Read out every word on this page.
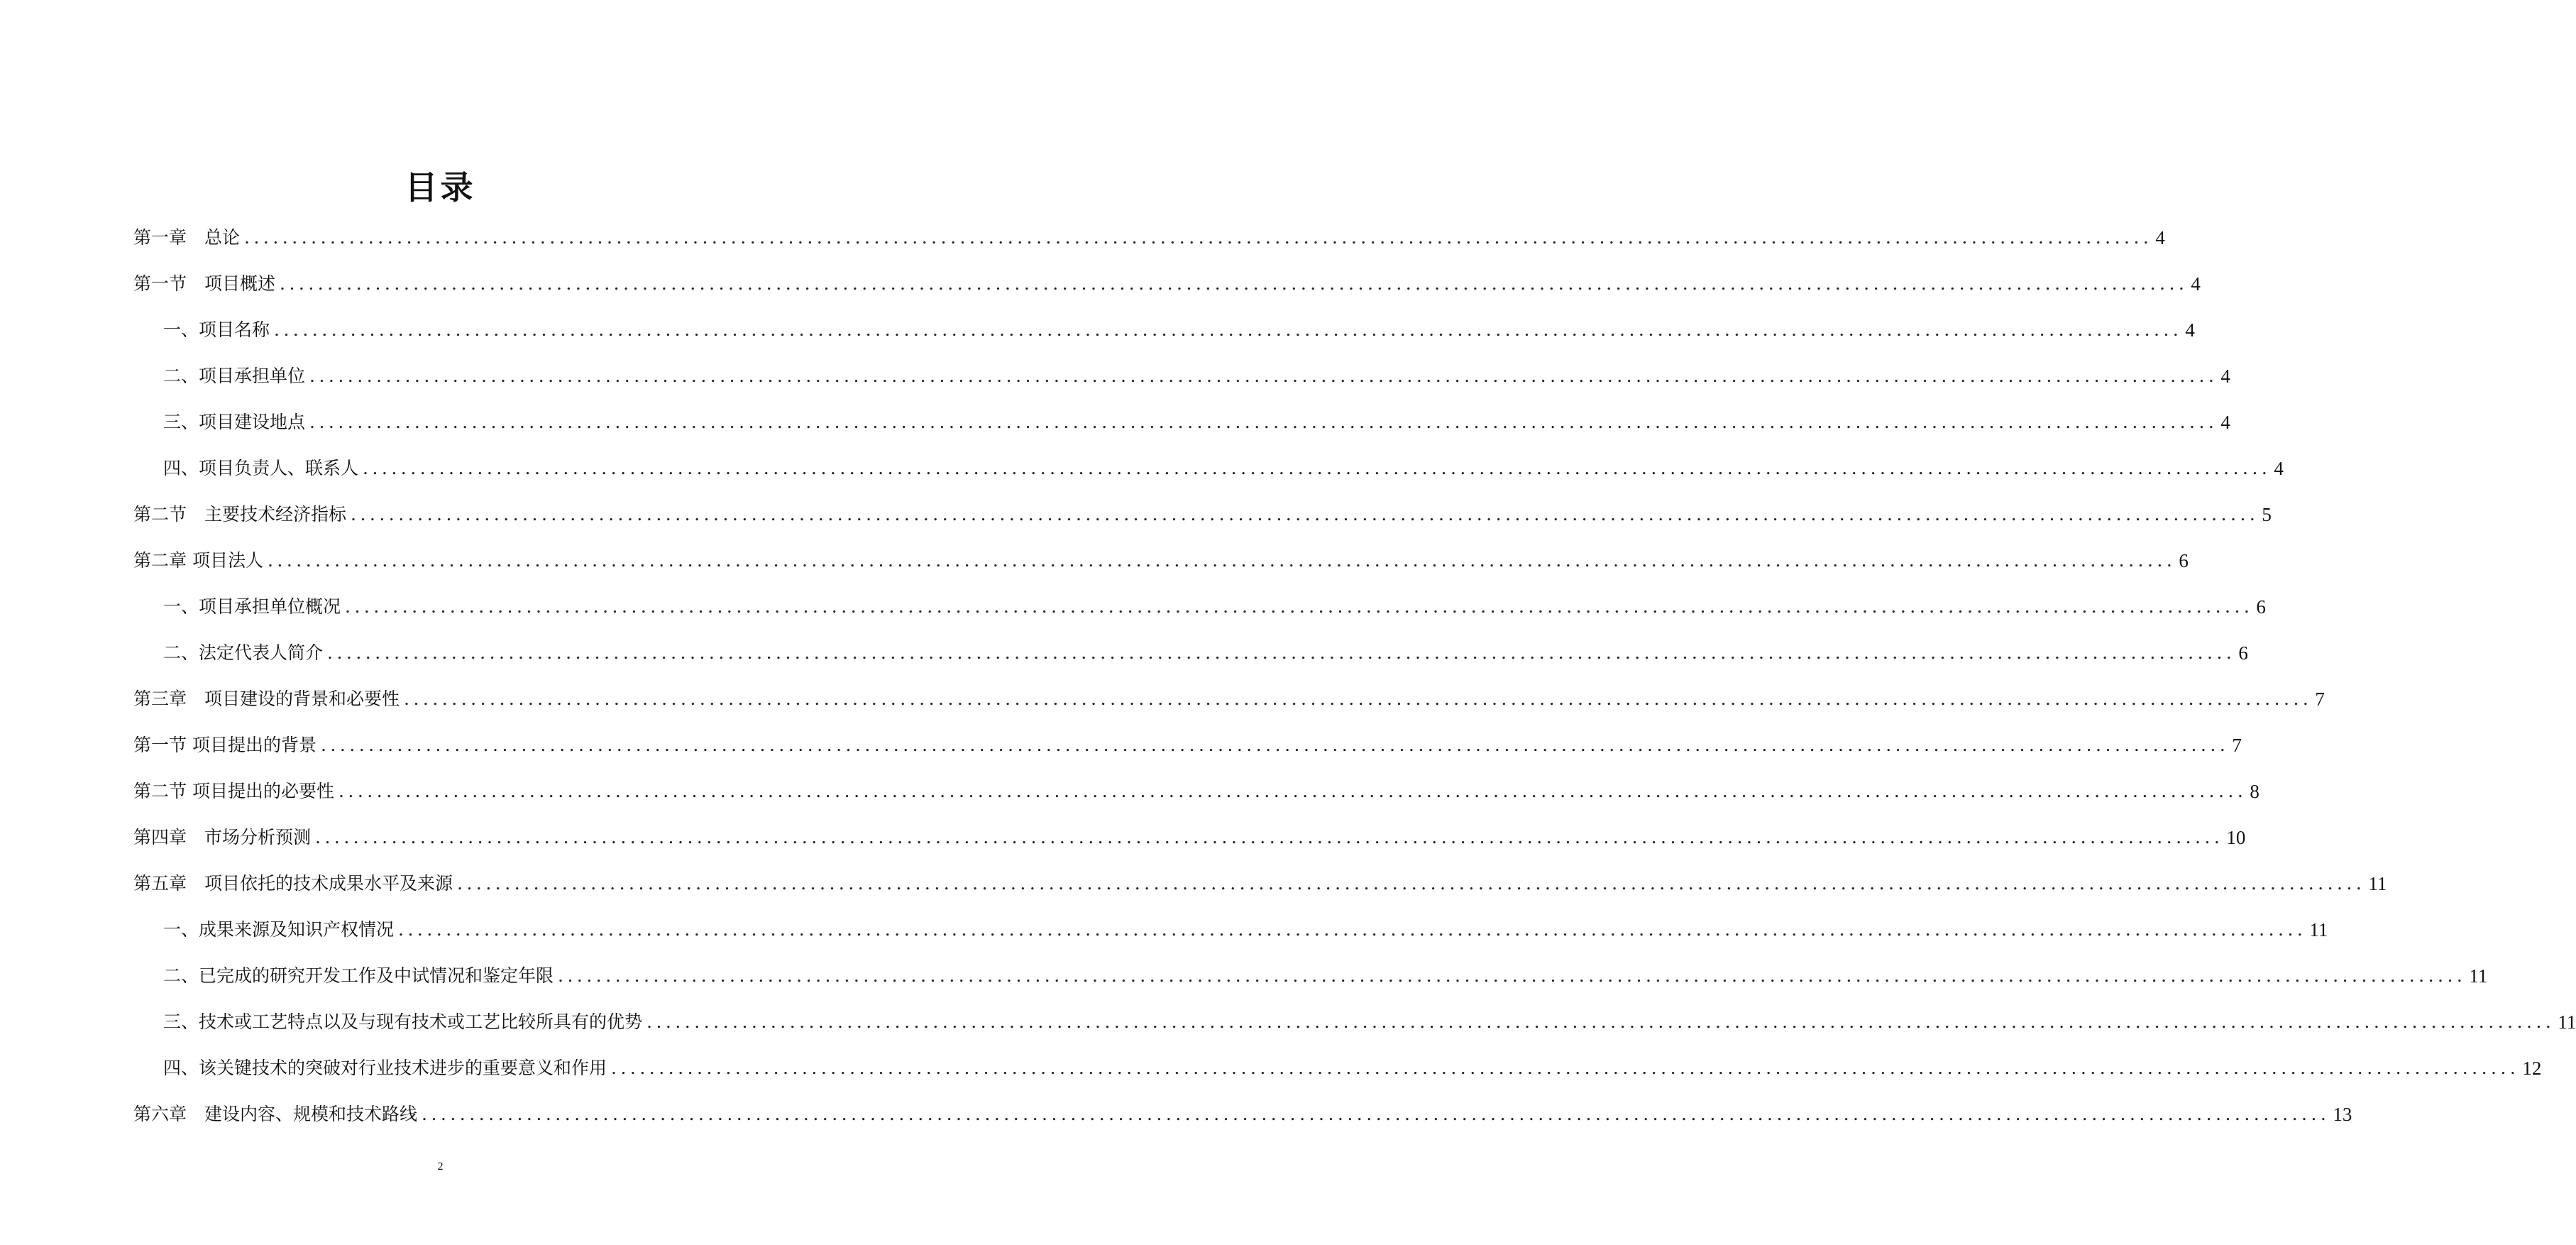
目录
第一章　总论 ........................................................................................................................................................................................................ 4
第一节　项目概述 ........................................................................................................................................................................................................ 4
一、项目名称 ........................................................................................................................................................................................................ 4
二、项目承担单位 ........................................................................................................................................................................................................ 4
三、项目建设地点 ........................................................................................................................................................................................................ 4
四、项目负责人、联系人 ........................................................................................................................................................................................................ 4
第二节　主要技术经济指标 ........................................................................................................................................................................................................ 5
第二章 项目法人 ........................................................................................................................................................................................................ 6
一、项目承担单位概况 ........................................................................................................................................................................................................ 6
二、法定代表人简介 ........................................................................................................................................................................................................ 6
第三章　项目建设的背景和必要性 ........................................................................................................................................................................................................ 7
第一节 项目提出的背景 ........................................................................................................................................................................................................ 7
第二节 项目提出的必要性 ........................................................................................................................................................................................................ 8
第四章　市场分析预测 ........................................................................................................................................................................................................ 10
第五章　项目依托的技术成果水平及来源 ........................................................................................................................................................................................................ 11
一、成果来源及知识产权情况 ........................................................................................................................................................................................................ 11
二、已完成的研究开发工作及中试情况和鉴定年限 ........................................................................................................................................................................................................ 11
三、技术或工艺特点以及与现有技术或工艺比较所具有的优势 ........................................................................................................................................................................................................ 11
四、该关键技术的突破对行业技术进步的重要意义和作用 ........................................................................................................................................................................................................ 12
第六章　建设内容、规模和技术路线 ........................................................................................................................................................................................................ 13
2
